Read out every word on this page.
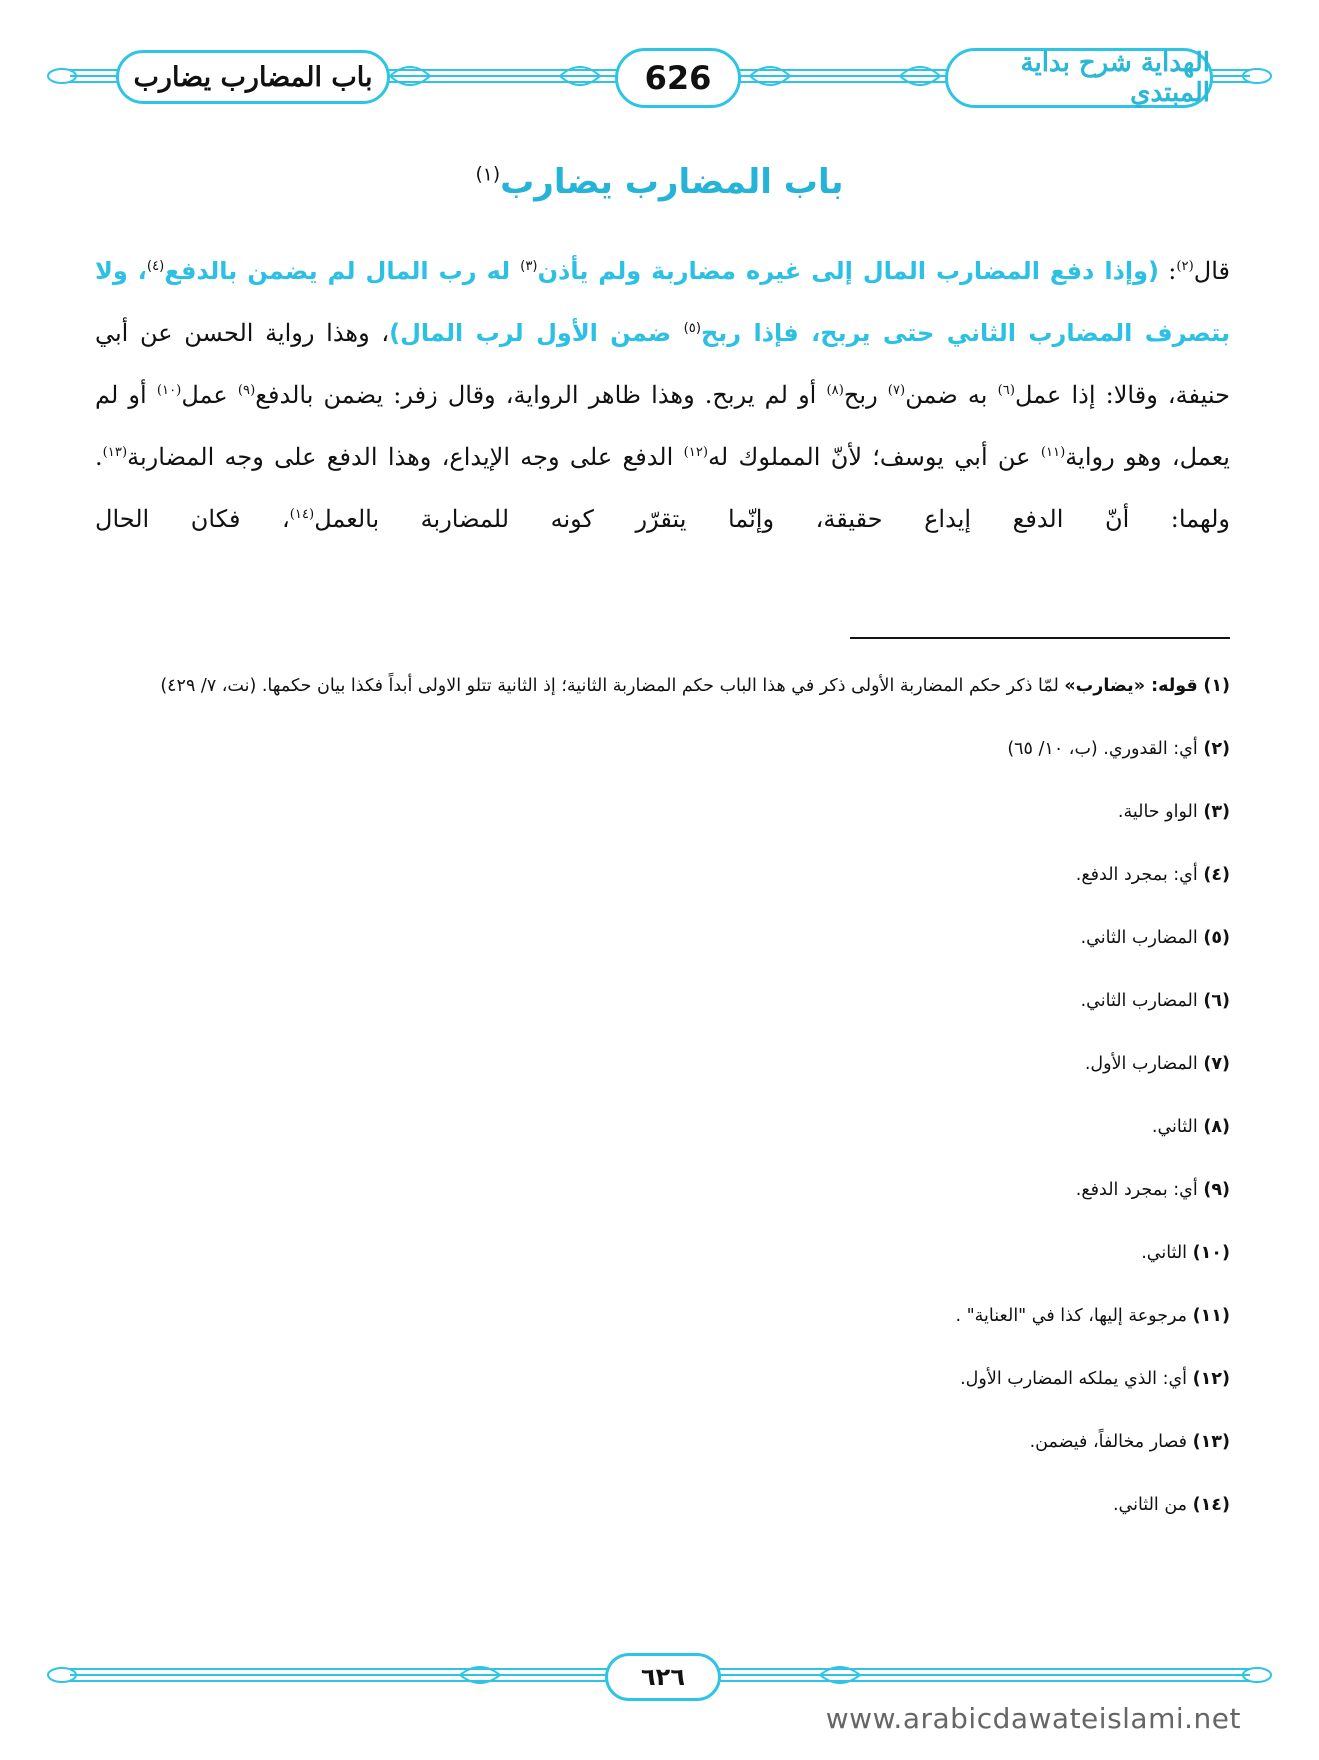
باب المضارب يضارب	626	الهداية شرح بداية المبتدي
باب المضارب يضارب$^{(١)}$
قال$^{(٢)}$: (وإذا دفع المضارب المال إلى غيره مضاربة ولم يأذن$^{(٣)}$ له رب المال لم يضمن بالدفع$^{(٤)}$، ولا بتصرف المضارب الثاني حتى يربح، فإذا ربح$^{(٥)}$ ضمن الأول لرب المال)، وهذا رواية الحسن عن أبي حنيفة، وقالا: إذا عمل$^{(٦)}$ به ضمن$^{(٧)}$ ربح$^{(٨)}$ أو لم يربح. وهذا ظاهر الرواية، وقال زفر: يضمن بالدفع$^{(٩)}$ عمل$^{(١٠)}$ أو لم يعمل، وهو رواية$^{(١١)}$ عن أبي يوسف؛ لأنّ المملوك له$^{(١٢)}$ الدفع على وجه الإيداع، وهذا الدفع على وجه المضاربة$^{(١٣)}$. ولهما: أنّ الدفع إيداع حقيقة، وإنّما يتقرّر كونه للمضاربة بالعمل$^{(١٤)}$، فكان الحال
(١) قوله: «يضارب» لمّا ذكر حكم المضاربة الأولى ذكر في هذا الباب حكم المضاربة الثانية؛ إذ الثانية تتلو الاولى أبداً فكذا بيان حكمها. (نت، ٧/ ٤٢٩)
(٢) أي: القدوري. (ب، ١٠/ ٦٥)
(٣) الواو حالية.
(٤) أي: بمجرد الدفع.
(٥) المضارب الثاني.
(٦) المضارب الثاني.
(٧) المضارب الأول.
(٨) الثاني.
(٩) أي: بمجرد الدفع.
(١٠) الثاني.
(١١) مرجوعة إليها، كذا في "العناية" .
(١٢) أي: الذي يملكه المضارب الأول.
(١٣) فصار مخالفاً، فيضمن.
(١٤) من الثاني.
٦٢٦
www.arabicdawateislami.net
